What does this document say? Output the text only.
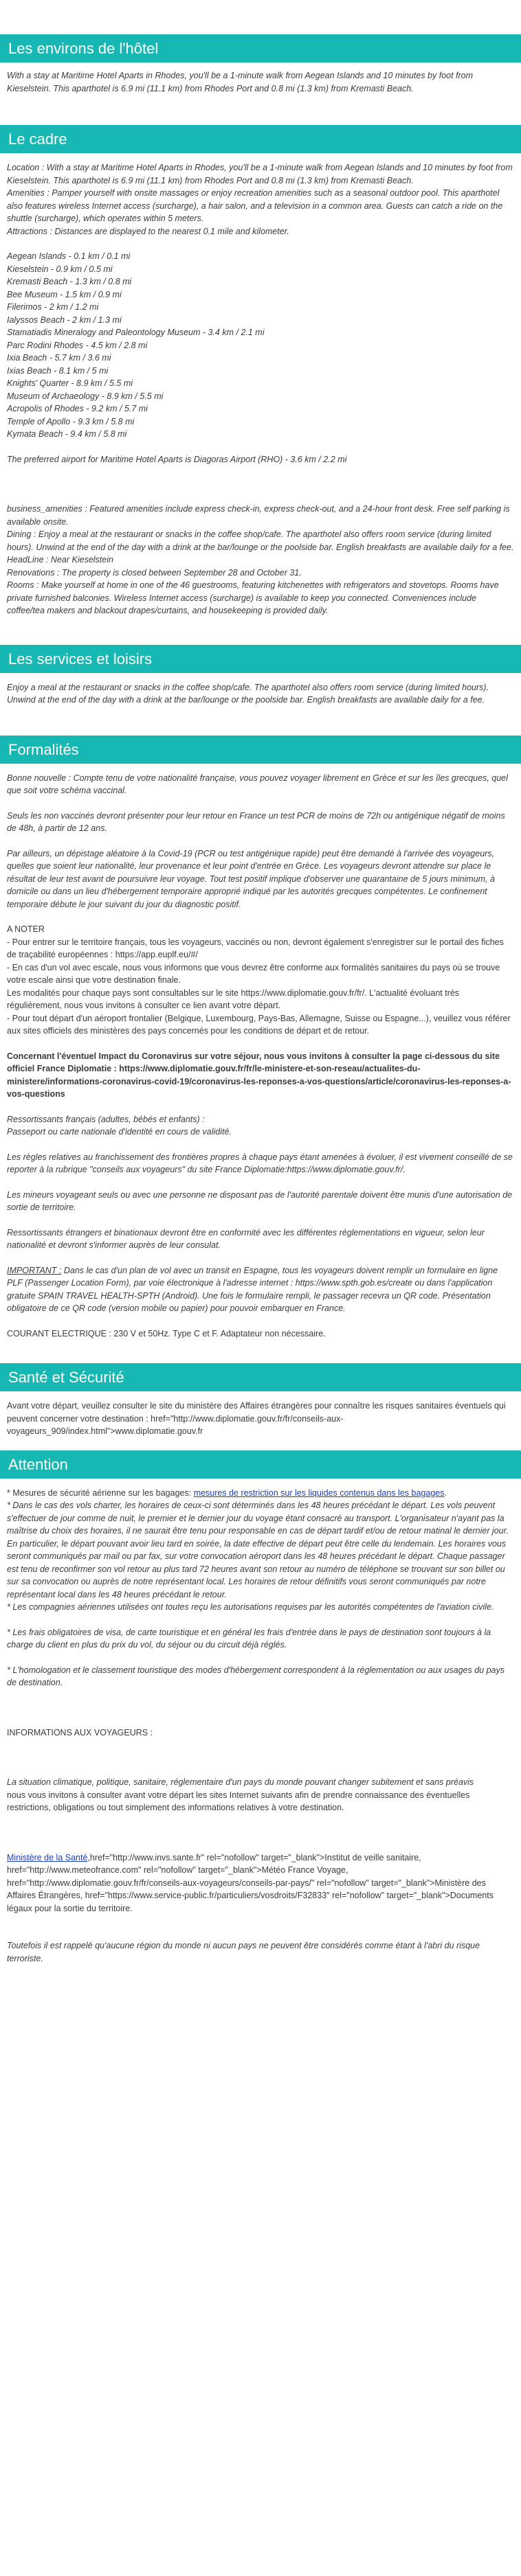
Les environs de l'hôtel

With a stay at Maritime Hotel Aparts in Rhodes, you'll be a 1-minute walk from Aegean Islands and 10 minutes by foot from Kieselstein. This aparthotel is 6.9 mi (11.1 km) from Rhodes Port and 0.8 mi (1.3 km) from Kremasti Beach.

Le cadre

Location : With a stay at Maritime Hotel Aparts in Rhodes, you'll be a 1-minute walk from Aegean Islands and 10 minutes by foot from Kieselstein. This aparthotel is 6.9 mi (11.1 km) from Rhodes Port and 0.8 mi (1.3 km) from Kremasti Beach.

Amenities : Pamper yourself with onsite massages or enjoy recreation amenities such as a seasonal outdoor pool. This aparthotel also features wireless Internet access (surcharge), a hair salon, and a television in a common area. Guests can catch a ride on the shuttle (surcharge), which operates within 5 meters.

Attractions : Distances are displayed to the nearest 0.1 mile and kilometer.

Aegean Islands - 0.1 km / 0.1 mi
Kieselstein - 0.9 km / 0.5 mi
Kremasti Beach - 1.3 km / 0.8 mi
Bee Museum - 1.5 km / 0.9 mi
Filerimos - 2 km / 1.2 mi
Ialyssos Beach - 2 km / 1.3 mi
Stamatiadis Mineralogy and Paleontology Museum - 3.4 km / 2.1 mi
Parc Rodini Rhodes - 4.5 km / 2.8 mi
Ixia Beach - 5.7 km / 3.6 mi
Ixias Beach - 8.1 km / 5 mi
Knights' Quarter - 8.9 km / 5.5 mi
Museum of Archaeology - 8.9 km / 5.5 mi
Acropolis of Rhodes - 9.2 km / 5.7 mi
Temple of Apollo - 9.3 km / 5.8 mi
Kymata Beach - 9.4 km / 5.8 mi

The preferred airport for Maritime Hotel Aparts is Diagoras Airport (RHO) - 3.6 km / 2.2 mi

business_amenities : Featured amenities include express check-in, express check-out, and a 24-hour front desk. Free self parking is available onsite.

Dining : Enjoy a meal at the restaurant or snacks in the coffee shop/cafe. The aparthotel also offers room service (during limited hours). Unwind at the end of the day with a drink at the bar/lounge or the poolside bar. English breakfasts are available daily for a fee.

HeadLine : Near Kieselstein

Renovations : The property is closed between September 28 and October 31.

Rooms : Make yourself at home in one of the 46 guestrooms, featuring kitchenettes with refrigerators and stovetops. Rooms have private furnished balconies. Wireless Internet access (surcharge) is available to keep you connected. Conveniences include coffee/tea makers and blackout drapes/curtains, and housekeeping is provided daily.

Les services et loisirs

Enjoy a meal at the restaurant or snacks in the coffee shop/cafe. The aparthotel also offers room service (during limited hours). Unwind at the end of the day with a drink at the bar/lounge or the poolside bar. English breakfasts are available daily for a fee.

Formalités

Bonne nouvelle : Compte tenu de votre nationalité française, vous pouvez voyager librement en Grèce et sur les îles grecques, quel que soit votre schéma vaccinal.

Seuls les non vaccinés devront présenter pour leur retour en France un test PCR de moins de 72h ou antigénique négatif de moins de 48h, à partir de 12 ans.

Par ailleurs, un dépistage aléatoire à la Covid-19 (PCR ou test antigénique rapide) peut être demandé à l'arrivée des voyageurs, quelles que soient leur nationalité, leur provenance et leur point d'entrée en Grèce. Les voyageurs devront attendre sur place le résultat de leur test avant de poursuivre leur voyage. Tout test positif implique d'observer une quarantaine de 5 jours minimum, à domicile ou dans un lieu d'hébergement temporaire approprié indiqué par les autorités grecques compétentes. Le confinement temporaire débute le jour suivant du jour du diagnostic positif.

A NOTER

- Pour entrer sur le territoire français, tous les voyageurs, vaccinés ou non, devront également s'enregistrer sur le portail des fiches de traçabilité européennes : https://app.euplf.eu/#/

- En cas d'un vol avec escale, nous vous informons que vous devrez être conforme aux formalités sanitaires du pays où se trouve votre escale ainsi que votre destination finale.

Les modalités pour chaque pays sont consultables sur le site https://www.diplomatie.gouv.fr/fr/. L'actualité évoluant très régulièrement, nous vous invitons à consulter ce lien avant votre départ.

- Pour tout départ d'un aéroport frontalier (Belgique, Luxembourg, Pays-Bas, Allemagne, Suisse ou Espagne...), veuillez vous référer aux sites officiels des ministères des pays concernés pour les conditions de départ et de retour.

Concernant l'éventuel Impact du Coronavirus sur votre séjour, nous vous invitons à consulter la page ci-dessous du site officiel France Diplomatie : https://www.diplomatie.gouv.fr/fr/le-ministere-et-son-reseau/actualites-du-ministere/informations-coronavirus-covid-19/coronavirus-les-reponses-a-vos-questions/article/coronavirus-les-reponses-a-vos-questions

Ressortissants français (adultes, bébés et enfants) :

Passeport ou carte nationale d'identité en cours de validité.

Les règles relatives au franchissement des frontières propres à chaque pays étant amenées à évoluer, il est vivement conseillé de se reporter à la rubrique "conseils aux voyageurs" du site France Diplomatie:https://www.diplomatie.gouv.fr/.

Les mineurs voyageant seuls ou avec une personne ne disposant pas de l'autorité parentale doivent être munis d'une autorisation de sortie de territoire.

Ressortissants étrangers et binationaux devront être en conformité avec les différentes réglementations en vigueur, selon leur nationalité et devront s'informer auprès de leur consulat.

IMPORTANT : Dans le cas d'un plan de vol avec un transit en Espagne, tous les voyageurs doivent remplir un formulaire en ligne PLF (Passenger Location Form), par voie électronique à l'adresse internet : https://www.spth.gob.es/create ou dans l'application gratuite SPAIN TRAVEL HEALTH-SPTH (Android). Une fois le formulaire rempli, le passager recevra un QR code. Présentation obligatoire de ce QR code (version mobile ou papier) pour pouvoir embarquer en France.

COURANT ELECTRIQUE : 230 V et 50Hz. Type C et F. Adaptateur non nécessaire.

Santé et Sécurité

Avant votre départ, veuillez consulter le site du ministère des Affaires étrangères pour connaître les risques sanitaires éventuels qui peuvent concerner votre destination : href="http://www.diplomatie.gouv.fr/fr/conseils-aux-voyageurs_909/index.html">www.diplomatie.gouv.fr

Attention

* Mesures de sécurité aérienne sur les bagages: mesures de restriction sur les liquides contenus dans les bagages.

* Dans le cas des vols charter, les horaires de ceux-ci sont déterminés dans les 48 heures précédant le départ. Les vols peuvent s'effectuer de jour comme de nuit, le premier et le dernier jour du voyage étant consacré au transport. L'organisateur n'ayant pas la maîtrise du choix des horaires, il ne saurait être tenu pour responsable en cas de départ tardif et/ou de retour matinal le dernier jour. En particulier, le départ pouvant avoir lieu tard en soirée, la date effective de départ peut être celle du lendemain. Les horaires vous seront communiqués par mail ou par fax, sur votre convocation aéroport dans les 48 heures précédant le départ. Chaque passager est tenu de reconfirmer son vol retour au plus tard 72 heures avant son retour au numéro de téléphone se trouvant sur son billet ou sur sa convocation ou auprès de notre représentant local. Les horaires de retour définitifs vous seront communiqués par notre représentant local dans les 48 heures précédant le retour.

* Les compagnies aériennes utilisées ont toutes reçu les autorisations requises par les autorités compétentes de l'aviation civile.

* Les frais obligatoires de visa, de carte touristique et en général les frais d'entrée dans le pays de destination sont toujours à la charge du client en plus du prix du vol, du séjour ou du circuit déjà réglés.

* L'homologation et le classement touristique des modes d'hébergement correspondent à la réglementation ou aux usages du pays de destination.

INFORMATIONS AUX VOYAGEURS :

La situation climatique, politique, sanitaire, réglementaire d'un pays du monde pouvant changer subitement et sans préavis

nous vous invitons à consulter avant votre départ les sites Internet suivants afin de prendre connaissance des éventuelles restrictions, obligations ou tout simplement des informations relatives à votre destination.

Ministère de la Santé,href="http://www.invs.sante.fr" rel="nofollow" target="_blank">Institut de veille sanitaire, href="http://www.meteofrance.com" rel="nofollow" target="_blank">Météo France Voyage, href="http://www.diplomatie.gouv.fr/fr/conseils-aux-voyageurs/conseils-par-pays/" rel="nofollow" target="_blank">Ministère des Affaires Étrangères, href="https://www.service-public.fr/particuliers/vosdroits/F32833" rel="nofollow" target="_blank">Documents légaux pour la sortie du territoire.

Toutefois il est rappelé qu'aucune région du monde ni aucun pays ne peuvent être considérés comme étant à l'abri du risque terroriste.
